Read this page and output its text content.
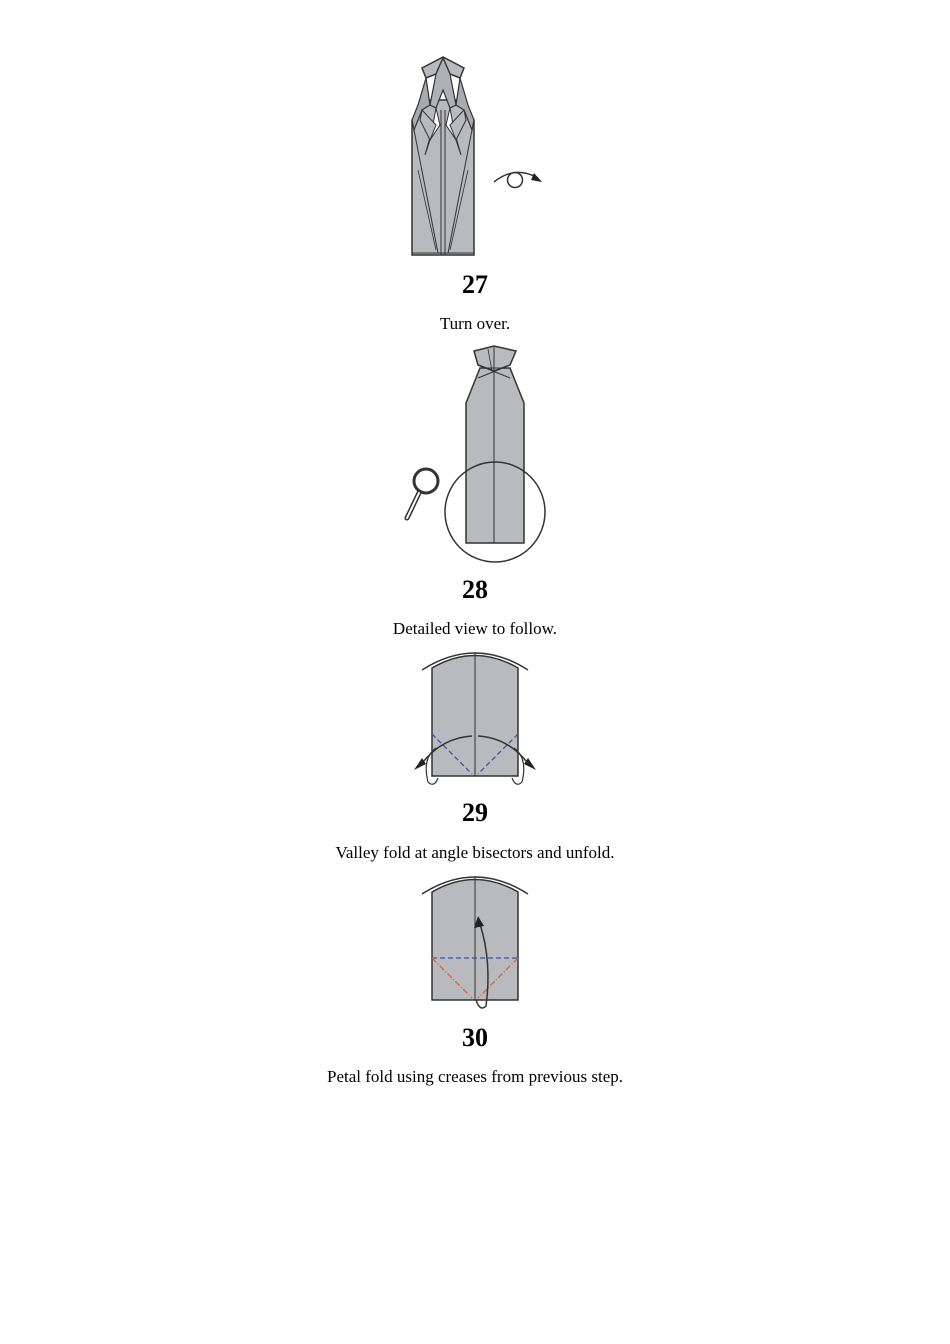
27
Turn over.
28
Detailed view to follow.
29
Valley fold at angle bisectors and unfold.
30
Petal fold using creases from previous step.
